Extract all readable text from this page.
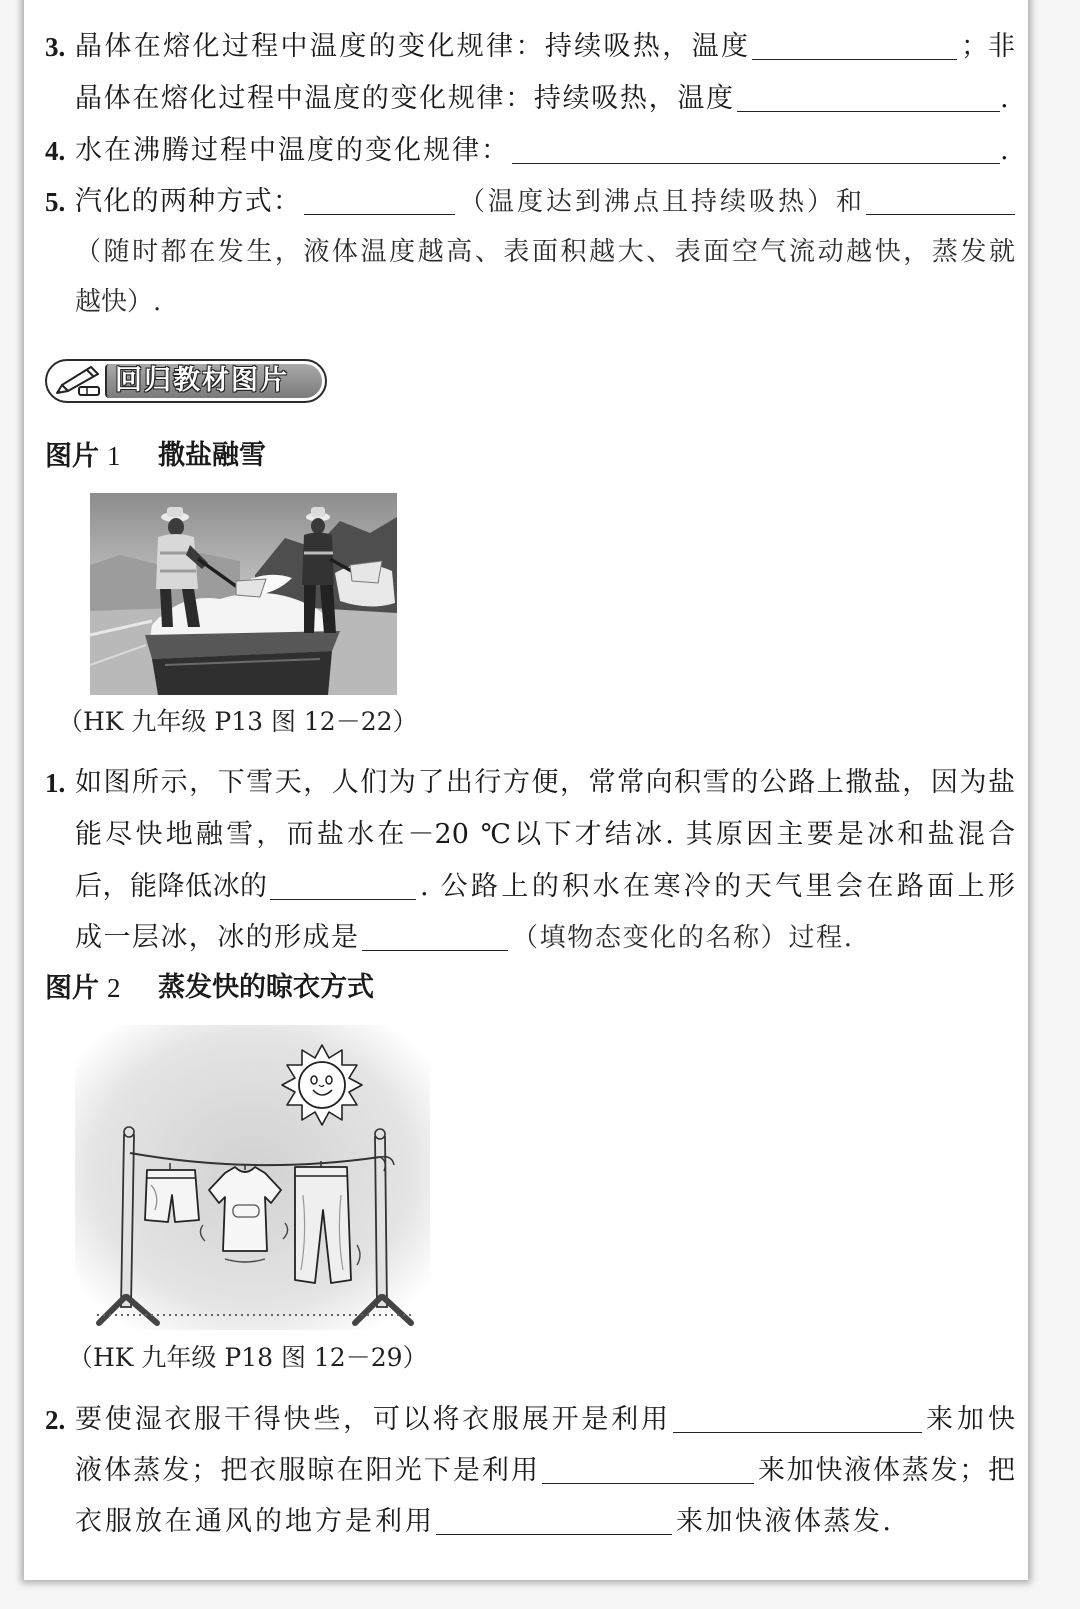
3. 晶体在熔化过程中温度的变化规律：持续吸热，温度	；非
晶体在熔化过程中温度的变化规律：持续吸热，温度	.
4. 水在沸腾过程中温度的变化规律：	.
5. 汽化的两种方式：	（温度达到沸点且持续吸热）和
（随时都在发生，液体温度越高、表面积越大、表面空气流动越快，蒸发就
越快）.
回归教材图片
图片 1 撒盐融雪
（HK 九年级 P13 图 12－22）
1. 如图所示，下雪天，人们为了出行方便，常常向积雪的公路上撒盐，因为盐
能尽快地融雪，而盐水在－20 ℃以下才结冰. 其原因主要是冰和盐混合
后，能降低冰的	. 公路上的积水在寒冷的天气里会在路面上形
成一层冰，冰的形成是	（填物态变化的名称）过程.
图片 2 蒸发快的晾衣方式
（HK 九年级 P18 图 12－29）
2. 要使湿衣服干得快些，可以将衣服展开是利用	来加快
液体蒸发；把衣服晾在阳光下是利用	来加快液体蒸发；把
衣服放在通风的地方是利用	来加快液体蒸发.
